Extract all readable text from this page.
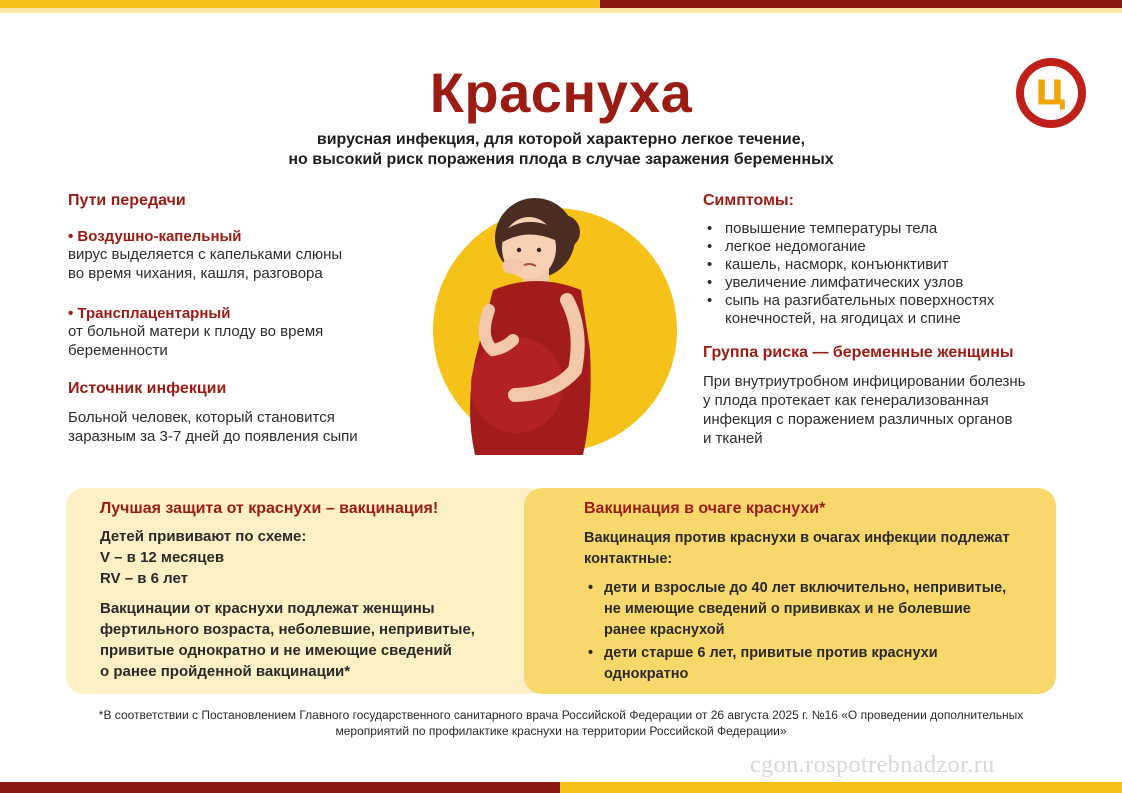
Ц
Краснуха
вирусная инфекция, для которой характерно легкое течение,
но высокий риск поражения плода в случае заражения беременных
Пути передачи
• Воздушно-капельный
вирус выделяется с капельками слюны
во время чихания, кашля, разговора
• Трансплацентарный
от больной матери к плоду во время
беременности
Источник инфекции
Больной человек, который становится
заразным за 3-7 дней до появления сыпи
Симптомы:
• повышение температуры тела
• легкое недомогание
• кашель, насморк, конъюнктивит
• увеличение лимфатических узлов
• сыпь на разгибательных поверхностях конечностей, на ягодицах и спине
Группа риска — беременные женщины
При внутриутробном инфицировании болезнь
у плода протекает как генерализованная
инфекция с поражением различных органов
и тканей
Лучшая защита от краснухи – вакцинация!
Детей прививают по схеме:
V – в 12 месяцев
RV – в 6 лет
Вакцинации от краснухи подлежат женщины
фертильного возраста, неболевшие, непривитые,
привитые однократно и не имеющие сведений
о ранее пройденной вакцинации*
Вакцинация в очаге краснухи*
Вакцинация против краснухи в очагах инфекции подлежат
контактные:
• дети и взрослые до 40 лет включительно, непривитые,
не имеющие сведений о прививках и не болевшие
ранее краснухой
• дети старше 6 лет, привитые против краснухи
однократно
*В соответствии с Постановлением Главного государственного санитарного врача Российской Федерации от 26 августа 2025 г. №16 «О проведении дополнительных
мероприятий по профилактике краснухи на территории Российской Федерации»
cgon.rospotrebnadzor.ru
